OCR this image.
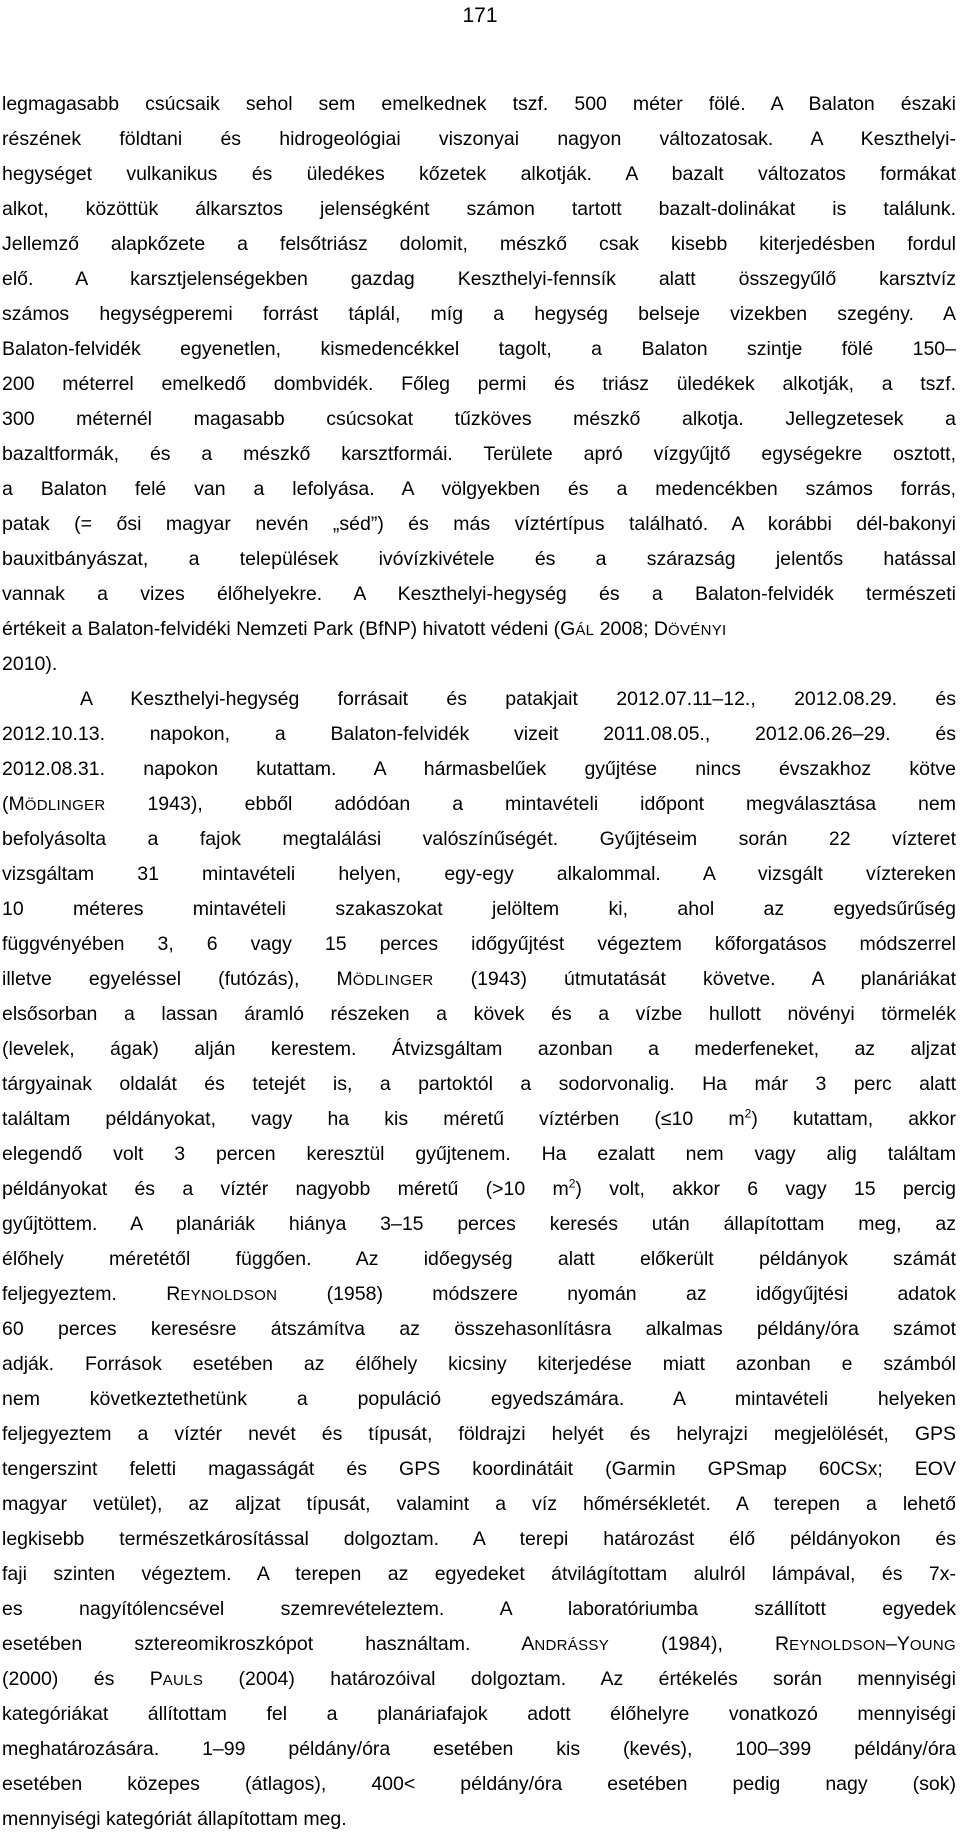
171
legmagasabb csúcsaik sehol sem emelkednek tszf. 500 méter fölé. A Balaton északi
részének földtani és hidrogeológiai viszonyai nagyon változatosak. A Keszthelyi-
hegységet vulkanikus és üledékes kőzetek alkotják. A bazalt változatos formákat
alkot, közöttük álkarsztos jelenségként számon tartott bazalt-dolinákat is találunk.
Jellemző alapkőzete a felsőtriász dolomit, mészkő csak kisebb kiterjedésben fordul
elő. A karsztjelenségekben gazdag Keszthelyi-fennsík alatt összegyűlő karsztvíz
számos hegységperemi forrást táplál, míg a hegység belseje vizekben szegény. A
Balaton-felvidék egyenetlen, kismedencékkel tagolt, a Balaton szintje fölé 150–
200 méterrel emelkedő dombvidék. Főleg permi és triász üledékek alkotják, a tszf.
300 méternél magasabb csúcsokat tűzköves mészkő alkotja. Jellegzetesek a
bazaltformák, és a mészkő karsztformái. Területe apró vízgyűjtő egységekre osztott,
a Balaton felé van a lefolyása. A völgyekben és a medencékben számos forrás,
patak (= ősi magyar nevén „séd”) és más víztértípus található. A korábbi dél-bakonyi
bauxitbányászat, a települések ivóvízkivétele és a szárazság jelentős hatással
vannak a vizes élőhelyekre. A Keszthelyi-hegység és a Balaton-felvidék természeti
értékeit a Balaton-felvidéki Nemzeti Park (BfNP) hivatott védeni (GÁL 2008; DÖVÉNYI
2010).
A Keszthelyi-hegység forrásait és patakjait 2012.07.11–12., 2012.08.29. és
2012.10.13. napokon, a Balaton-felvidék vizeit 2011.08.05., 2012.06.26–29. és
2012.08.31. napokon kutattam. A hármasbelűek gyűjtése nincs évszakhoz kötve
(MÖDLINGER 1943), ebből adódóan a mintavételi időpont megválasztása nem
befolyásolta a fajok megtalálási valószínűségét. Gyűjtéseim során 22 vízteret
vizsgáltam 31 mintavételi helyen, egy-egy alkalommal. A vizsgált víztereken
10 méteres mintavételi szakaszokat jelöltem ki, ahol az egyedsűrűség
függvényében 3, 6 vagy 15 perces időgyűjtést végeztem kőforgatásos módszerrel
illetve egyeléssel (futózás), MÖDLINGER (1943) útmutatását követve. A planáriákat
elsősorban a lassan áramló részeken a kövek és a vízbe hullott növényi törmelék
(levelek, ágak) alján kerestem. Átvizsgáltam azonban a mederfeneket, az aljzat
tárgyainak oldalát és tetejét is, a partoktól a sodorvonalig. Ha már 3 perc alatt
találtam példányokat, vagy ha kis méretű víztérben (≤10 $m^2$) kutattam, akkor
elegendő volt 3 percen keresztül gyűjtenem. Ha ezalatt nem vagy alig találtam
példányokat és a víztér nagyobb méretű (>10 $m^2$) volt, akkor 6 vagy 15 percig
gyűjtöttem. A planáriák hiánya 3–15 perces keresés után állapítottam meg, az
élőhely méretétől függően. Az időegység alatt előkerült példányok számát
feljegyeztem. REYNOLDSON (1958) módszere nyomán az időgyűjtési adatok
60 perces keresésre átszámítva az összehasonlításra alkalmas példány/óra számot
adják. Források esetében az élőhely kicsiny kiterjedése miatt azonban e számból
nem következtethetünk a populáció egyedszámára. A mintavételi helyeken
feljegyeztem a víztér nevét és típusát, földrajzi helyét és helyrajzi megjelölését, GPS
tengerszint feletti magasságát és GPS koordinátáit (Garmin GPSmap 60CSx; EOV
magyar vetület), az aljzat típusát, valamint a víz hőmérsékletét. A terepen a lehető
legkisebb természetkárosítással dolgoztam. A terepi határozást élő példányokon és
faji szinten végeztem. A terepen az egyedeket átvilágítottam alulról lámpával, és 7x-
es nagyítólencsével szemrevételeztem. A laboratóriumba szállított egyedek
esetében sztereomikroszkópot használtam. ANDRÁSSY (1984), REYNOLDSON–YOUNG
(2000) és PAULS (2004) határozóival dolgoztam. Az értékelés során mennyiségi
kategóriákat állítottam fel a planáriafajok adott élőhelyre vonatkozó mennyiségi
meghatározására. 1–99 példány/óra esetében kis (kevés), 100–399 példány/óra
esetében közepes (átlagos), 400< példány/óra esetében pedig nagy (sok)
mennyiségi kategóriát állapítottam meg.
